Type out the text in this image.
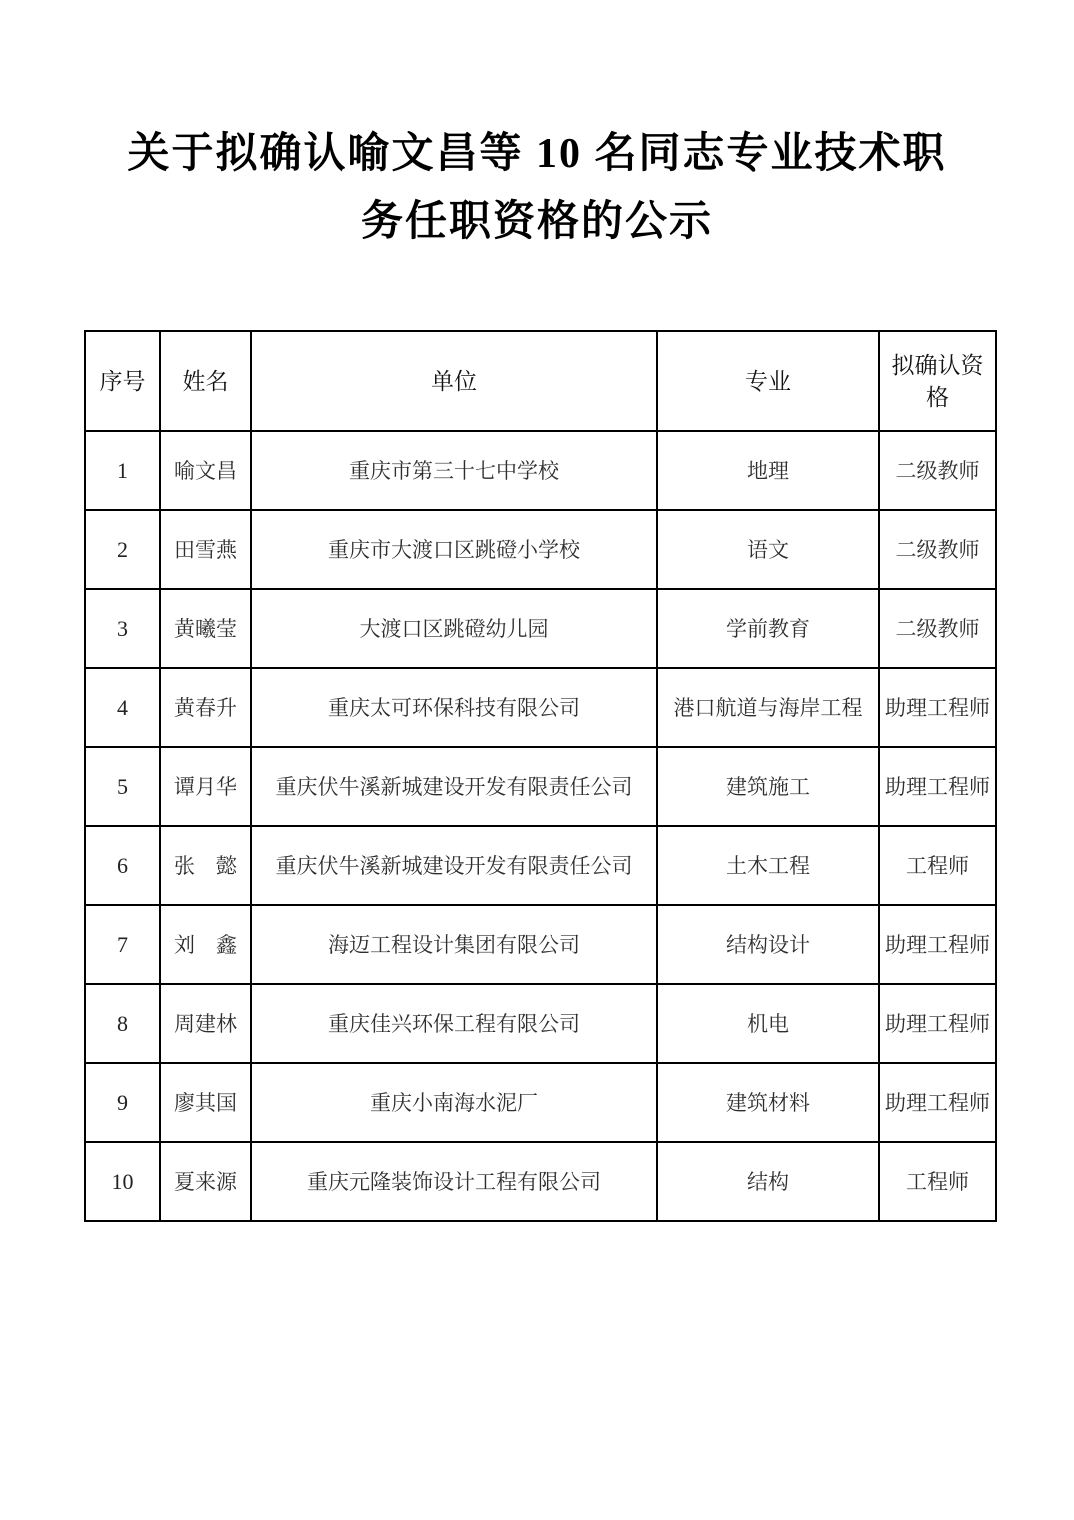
关于拟确认喻文昌等 10 名同志专业技术职
务任职资格的公示
序号	姓名	单位	专业	拟确认资格
1	喻文昌	重庆市第三十七中学校	地理	二级教师
2	田雪燕	重庆市大渡口区跳磴小学校	语文	二级教师
3	黄曦莹	大渡口区跳磴幼儿园	学前教育	二级教师
4	黄春升	重庆太可环保科技有限公司	港口航道与海岸工程	助理工程师
5	谭月华	重庆伏牛溪新城建设开发有限责任公司	建筑施工	助理工程师
6	张　懿	重庆伏牛溪新城建设开发有限责任公司	土木工程	工程师
7	刘　鑫	海迈工程设计集团有限公司	结构设计	助理工程师
8	周建林	重庆佳兴环保工程有限公司	机电	助理工程师
9	廖其国	重庆小南海水泥厂	建筑材料	助理工程师
10	夏来源	重庆元隆装饰设计工程有限公司	结构	工程师
